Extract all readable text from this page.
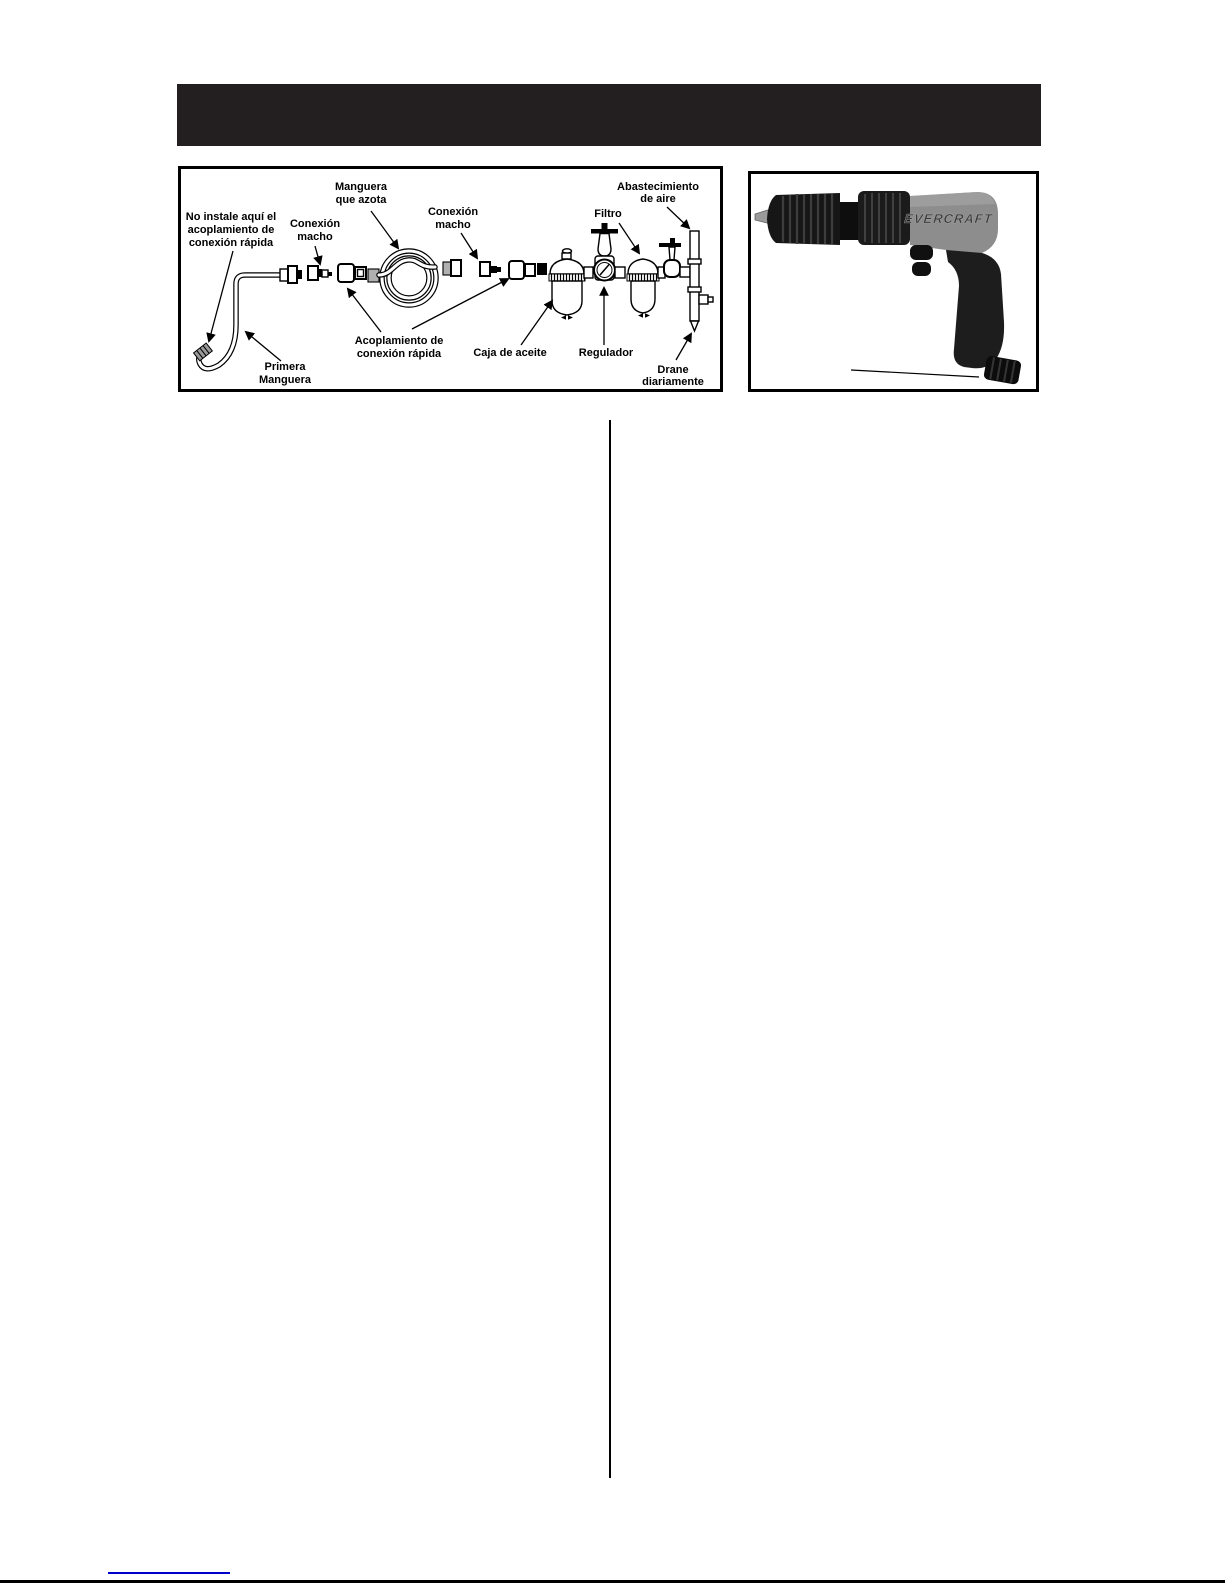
No instale aquí el
acoplamiento de
conexión rápida
Conexión
macho
Manguera
que azota
Conexión
macho
Abastecimiento
de aire
Filtro
Acoplamiento de
conexión rápida	Caja de aceite	Regulador
Primera
Manguera
Drane
diariamente
EVERCRAFT
